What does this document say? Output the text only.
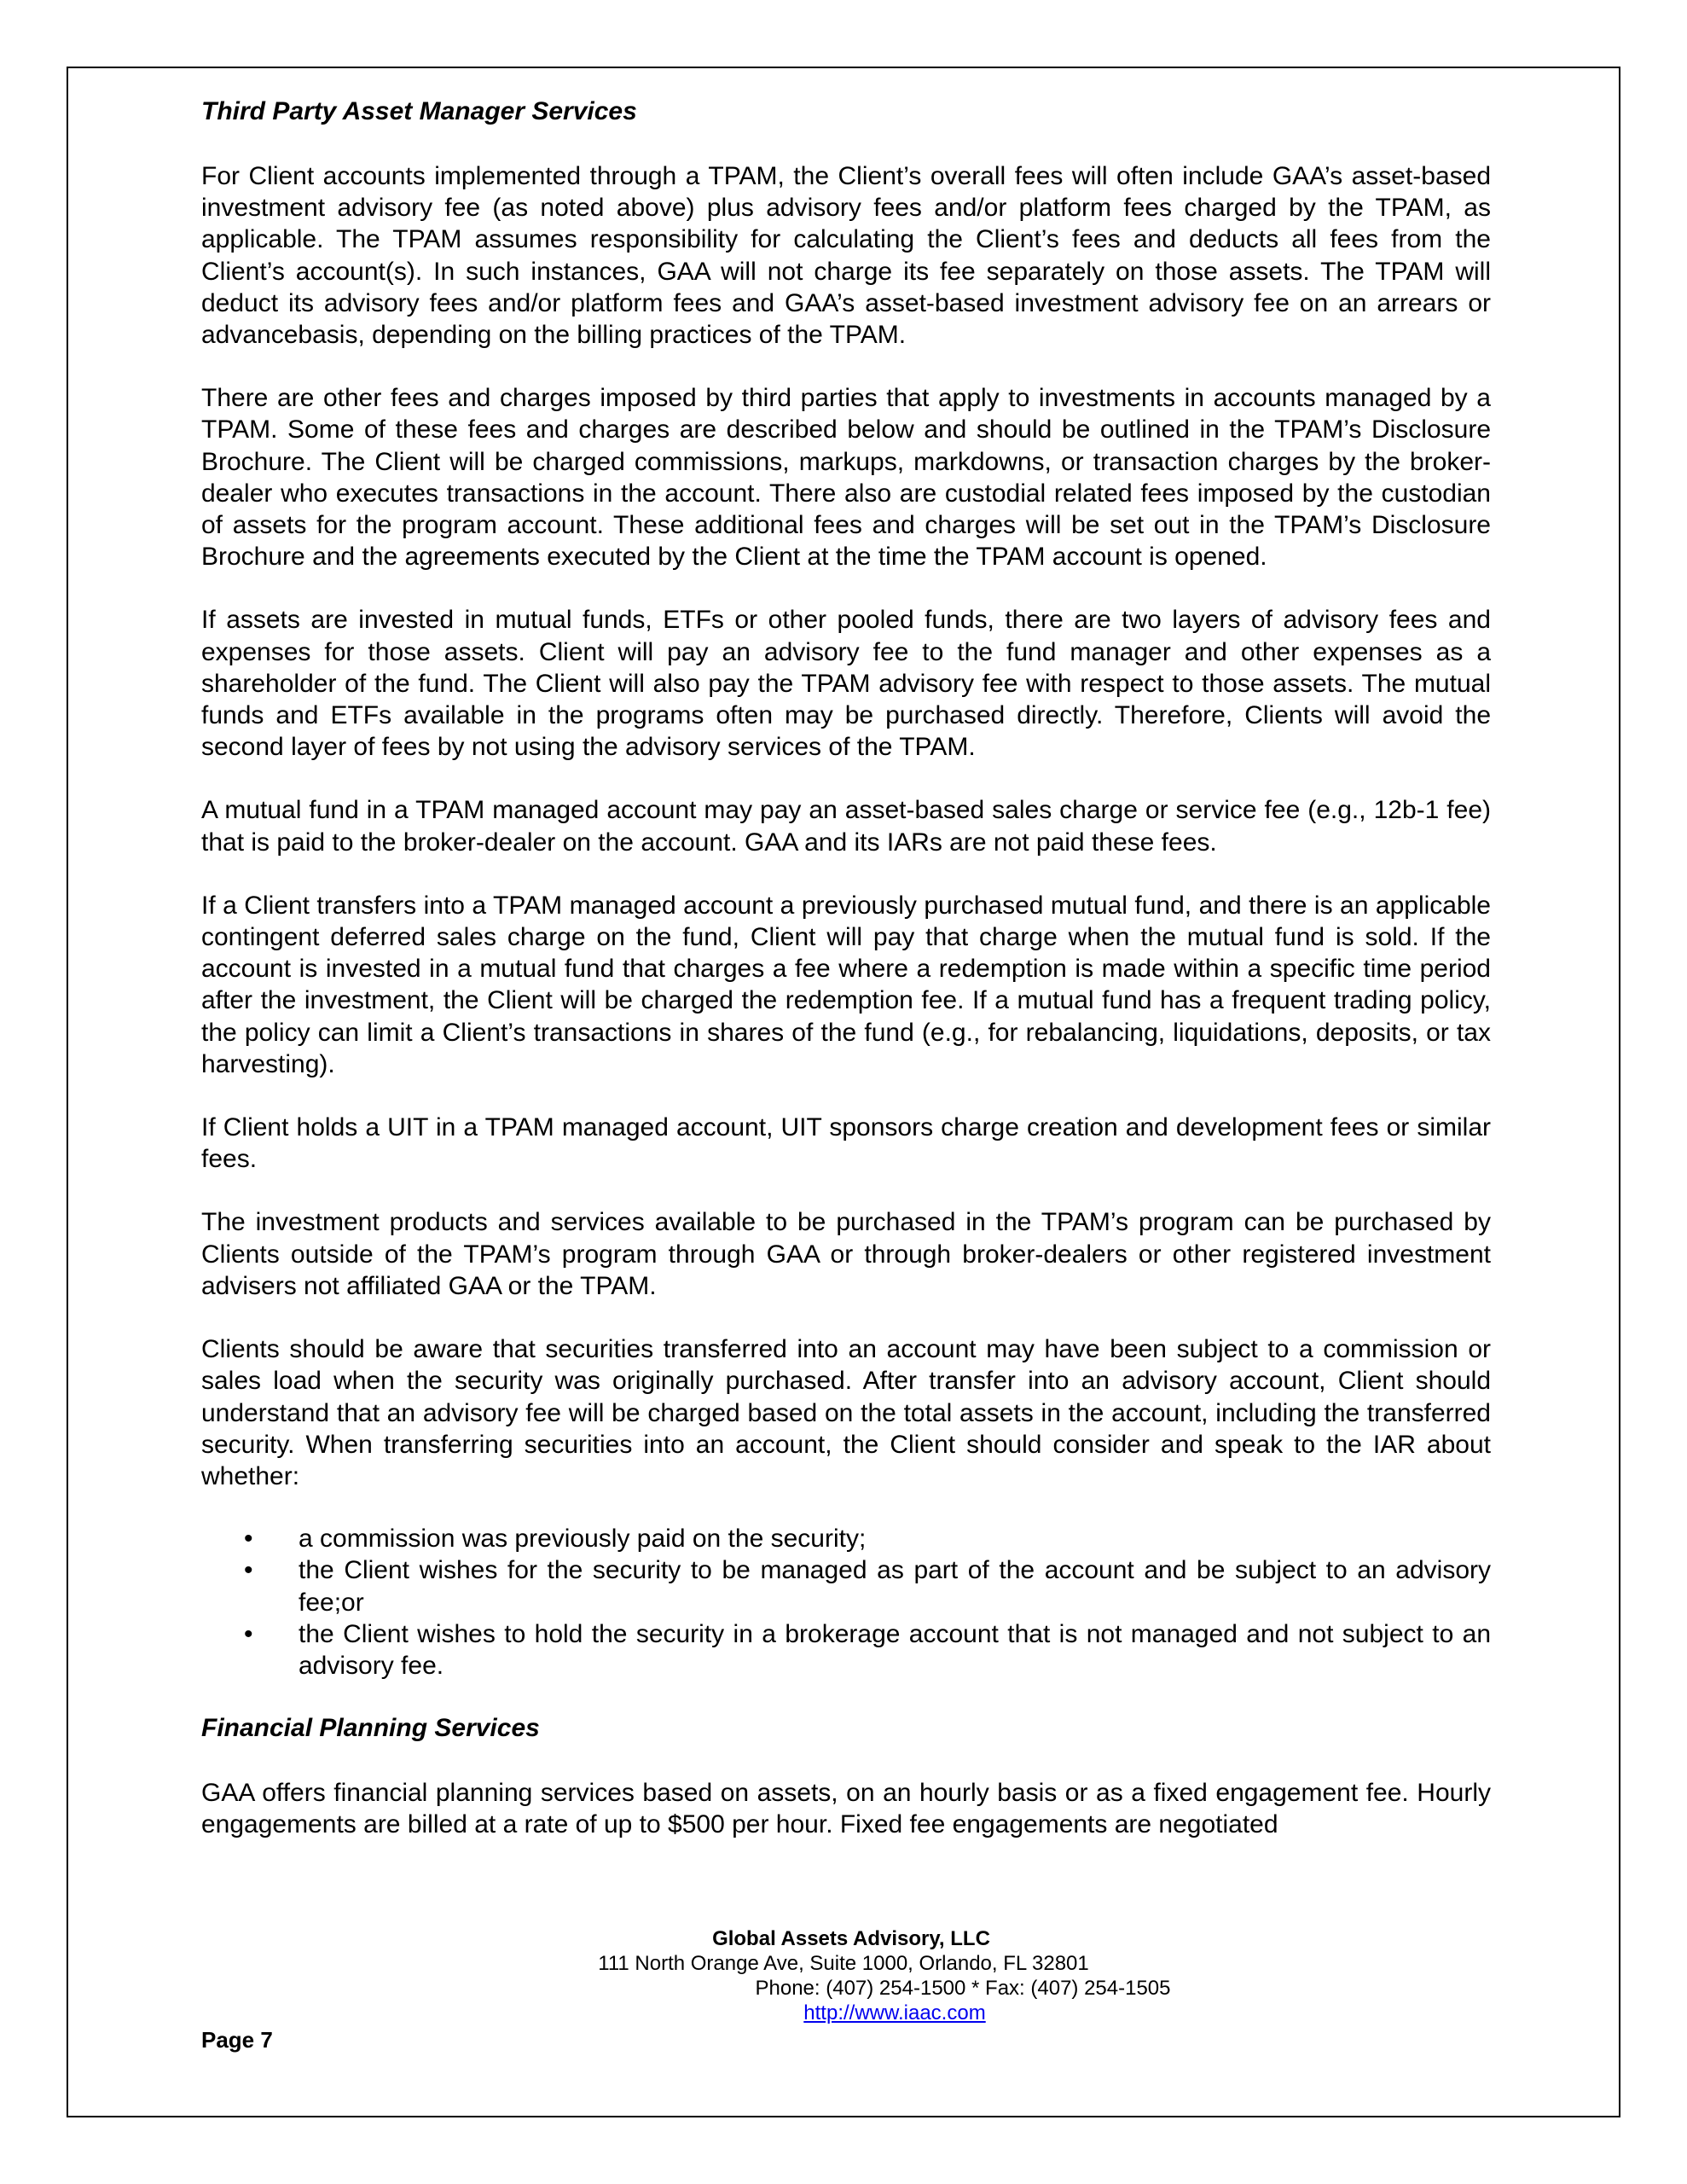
Third Party Asset Manager Services

For Client accounts implemented through a TPAM, the Client’s overall fees will often include GAA’s asset-based investment advisory fee (as noted above) plus advisory fees and/or platform fees charged by the TPAM, as applicable. The TPAM assumes responsibility for calculating the Client’s fees and deducts all fees from the Client’s account(s). In such instances, GAA will not charge its fee separately on those assets. The TPAM will deduct its advisory fees and/or platform fees and GAA’s asset-based investment advisory fee on an arrears or advancebasis, depending on the billing practices of the TPAM.

There are other fees and charges imposed by third parties that apply to investments in accounts managed by a TPAM. Some of these fees and charges are described below and should be outlined in the TPAM’s Disclosure Brochure. The Client will be charged commissions, markups, markdowns, or transaction charges by the broker-dealer who executes transactions in the account. There also are custodial related fees imposed by the custodian of assets for the program account. These additional fees and charges will be set out in the TPAM’s Disclosure Brochure and the agreements executed by the Client at the time the TPAM account is opened.

If assets are invested in mutual funds, ETFs or other pooled funds, there are two layers of advisory fees and expenses for those assets. Client will pay an advisory fee to the fund manager and other expenses as a shareholder of the fund. The Client will also pay the TPAM advisory fee with respect to those assets. The mutual funds and ETFs available in the programs often may be purchased directly. Therefore, Clients will avoid the second layer of fees by not using the advisory services of the TPAM.

A mutual fund in a TPAM managed account may pay an asset-based sales charge or service fee (e.g., 12b-1 fee) that is paid to the broker-dealer on the account. GAA and its IARs are not paid these fees.

If a Client transfers into a TPAM managed account a previously purchased mutual fund, and there is an applicable contingent deferred sales charge on the fund, Client will pay that charge when the mutual fund is sold. If the account is invested in a mutual fund that charges a fee where a redemption is made within a specific time period after the investment, the Client will be charged the redemption fee. If a mutual fund has a frequent trading policy, the policy can limit a Client’s transactions in shares of the fund (e.g., for rebalancing, liquidations, deposits, or tax harvesting).

If Client holds a UIT in a TPAM managed account, UIT sponsors charge creation and development fees or similar fees.

The investment products and services available to be purchased in the TPAM’s program can be purchased by Clients outside of the TPAM’s program through GAA or through broker-dealers or other registered investment advisers not affiliated GAA or the TPAM.

Clients should be aware that securities transferred into an account may have been subject to a commission or sales load when the security was originally purchased. After transfer into an advisory account, Client should understand that an advisory fee will be charged based on the total assets in the account, including the transferred security. When transferring securities into an account, the Client should consider and speak to the IAR about whether:

• a commission was previously paid on the security;
• the Client wishes for the security to be managed as part of the account and be subject to an advisory fee;or
• the Client wishes to hold the security in a brokerage account that is not managed and not subject to an advisory fee.
Financial Planning Services

GAA offers financial planning services based on assets, on an hourly basis or as a fixed engagement fee. Hourly engagements are billed at a rate of up to $500 per hour. Fixed fee engagements are negotiated

Global Assets Advisory, LLC
111 North Orange Ave, Suite 1000, Orlando, FL 32801
Phone: (407) 254-1500 * Fax: (407) 254-1505
http://www.iaac.com
Page 7
